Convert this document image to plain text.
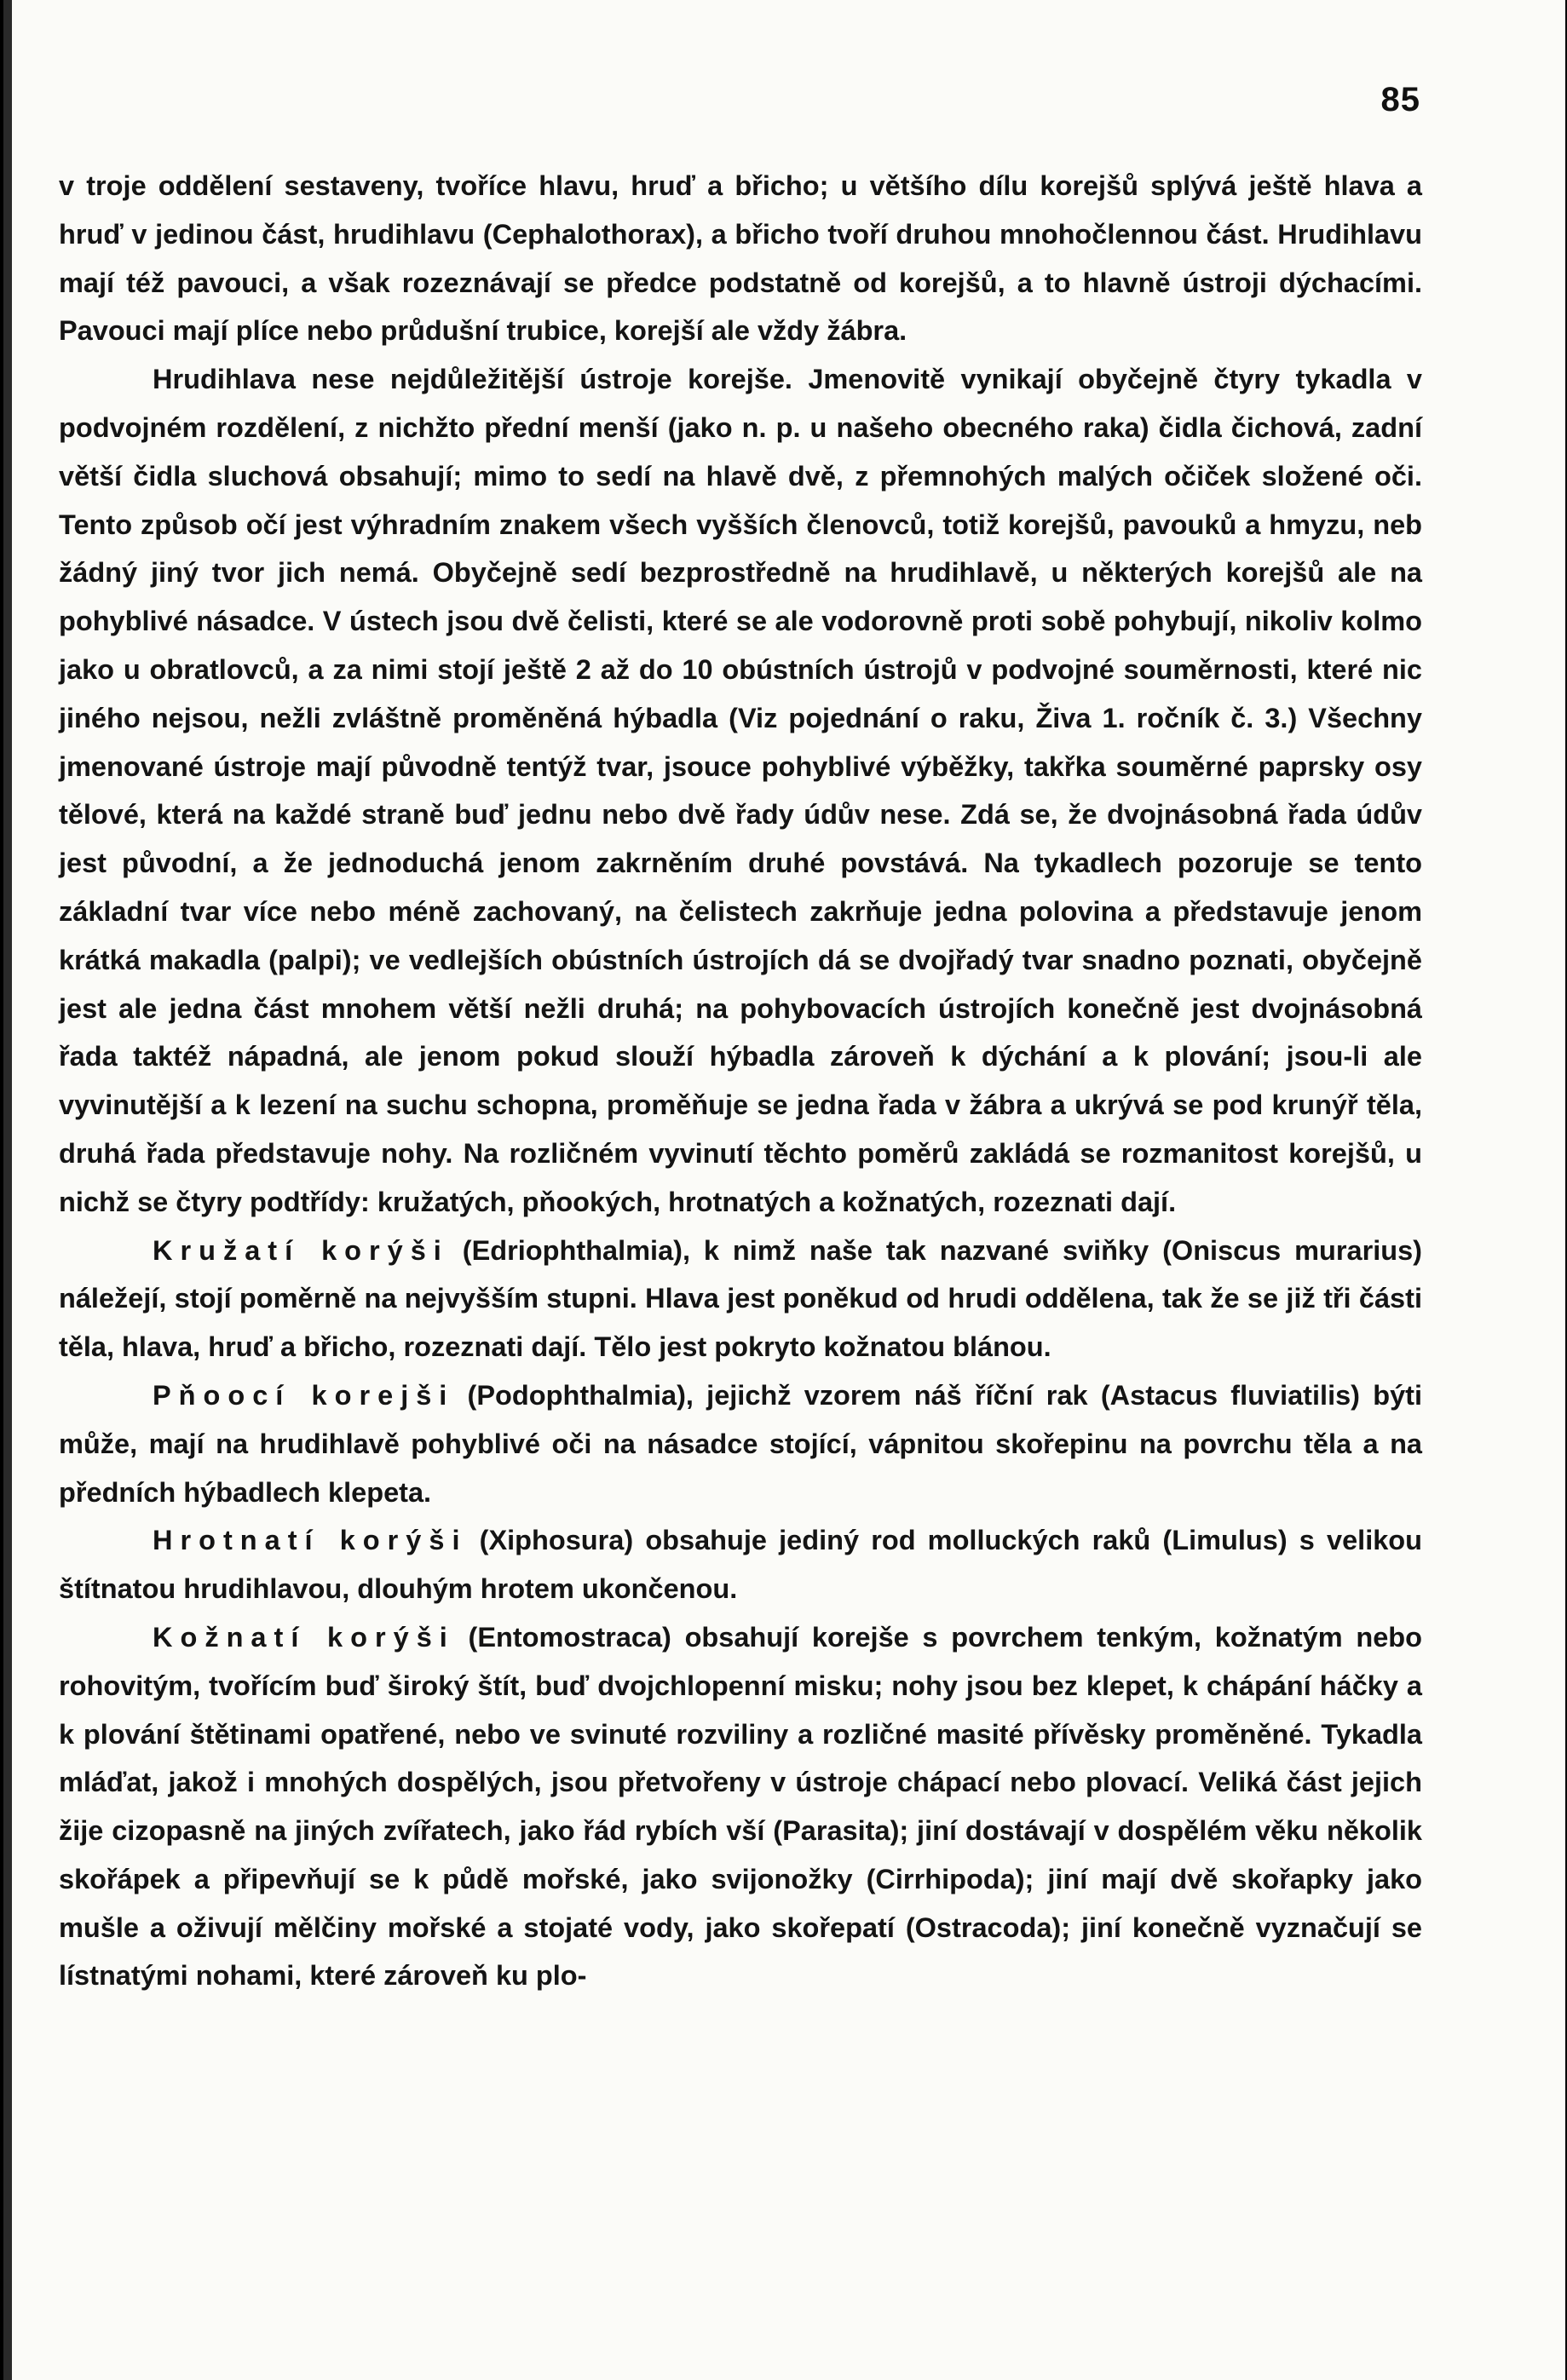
85

v troje oddělení sestaveny, tvoříce hlavu, hruď a břicho; u většího dílu korejšů splývá ještě hlava a hruď v jedinou část, hrudihlavu (Cephalothorax), a břicho tvoří druhou mnohočlennou část. Hrudihlavu mají též pavouci, a však rozeznávají se předce podstatně od korejšů, a to hlavně ústroji dýchacími. Pavouci mají plíce nebo průdušní trubice, korejší ale vždy žábra.

Hrudihlava nese nejdůležitější ústroje korejše. Jmenovitě vynikají obyčejně čtyry tykadla v podvojném rozdělení, z nichžto přední menší (jako n. p. u našeho obecného raka) čidla čichová, zadní větší čidla sluchová obsahují; mimo to sedí na hlavě dvě, z přemnohých malých očiček složené oči. Tento způsob očí jest výhradním znakem všech vyšších členovců, totiž korejšů, pavouků a hmyzu, neb žádný jiný tvor jich nemá. Obyčejně sedí bezprostředně na hrudihlavě, u některých korejšů ale na pohyblivé násadce. V ústech jsou dvě čelisti, které se ale vodorovně proti sobě pohybují, nikoliv kolmo jako u obratlovců, a za nimi stojí ještě 2 až do 10 obústních ústrojů v podvojné souměrnosti, které nic jiného nejsou, nežli zvláštně proměněná hýbadla (Viz pojednání o raku, Živa 1. ročník č. 3.) Všechny jmenované ústroje mají původně tentýž tvar, jsouce pohyblivé výběžky, takřka souměrné paprsky osy tělové, která na každé straně buď jednu nebo dvě řady údův nese. Zdá se, že dvojnásobná řada údův jest původní, a že jednoduchá jenom zakrněním druhé povstává. Na tykadlech pozoruje se tento základní tvar více nebo méně zachovaný, na čelistech zakrňuje jedna polovina a představuje jenom krátká makadla (palpi); ve vedlejších obústních ústrojích dá se dvojřadý tvar snadno poznati, obyčejně jest ale jedna část mnohem větší nežli druhá; na pohybovacích ústrojích konečně jest dvojnásobná řada taktéž nápadná, ale jenom pokud slouží hýbadla zároveň k dýchání a k plování; jsou-li ale vyvinutější a k lezení na suchu schopna, proměňuje se jedna řada v žábra a ukrývá se pod krunýř těla, druhá řada představuje nohy. Na rozličném vyvinutí těchto poměrů zakládá se rozmanitost korejšů, u nichž se čtyry podtřídy: kružatých, pňookých, hrotnatých a kožnatých, rozeznati dají.

Kružatí korýši (Edriophthalmia), k nimž naše tak nazvané sviňky (Oniscus murarius) náležejí, stojí poměrně na nejvyšším stupni. Hlava jest poněkud od hrudi oddělena, tak že se již tři části těla, hlava, hruď a břicho, rozeznati dají. Tělo jest pokryto kožnatou blánou.

Pňoocí korejši (Podophthalmia), jejichž vzorem náš říční rak (Astacus fluviatilis) býti může, mají na hrudihlavě pohyblivé oči na násadce stojící, vápnitou skořepinu na povrchu těla a na předních hýbadlech klepeta.

Hrotnatí korýši (Xiphosura) obsahuje jediný rod molluckých raků (Limulus) s velikou štítnatou hrudihlavou, dlouhým hrotem ukončenou.

Kožnatí korýši (Entomostraca) obsahují korejše s povrchem tenkým, kožnatým nebo rohovitým, tvořícím buď široký štít, buď dvojchlopenní misku; nohy jsou bez klepet, k chápání háčky a k plování štětinami opatřené, nebo ve svinuté rozviliny a rozličné masité přívěsky proměněné. Tykadla mláďat, jakož i mnohých dospělých, jsou přetvořeny v ústroje chápací nebo plovací. Veliká část jejich žije cizopasně na jiných zvířatech, jako řád rybích vší (Parasita); jiní dostávají v dospělém věku několik skořápek a připevňují se k půdě mořské, jako svijonožky (Cirrhipoda); jiní mají dvě skořapky jako mušle a oživují mělčiny mořské a stojaté vody, jako skořepatí (Ostracoda); jiní konečně vyznačují se lístnatými nohami, které zároveň ku plo-
